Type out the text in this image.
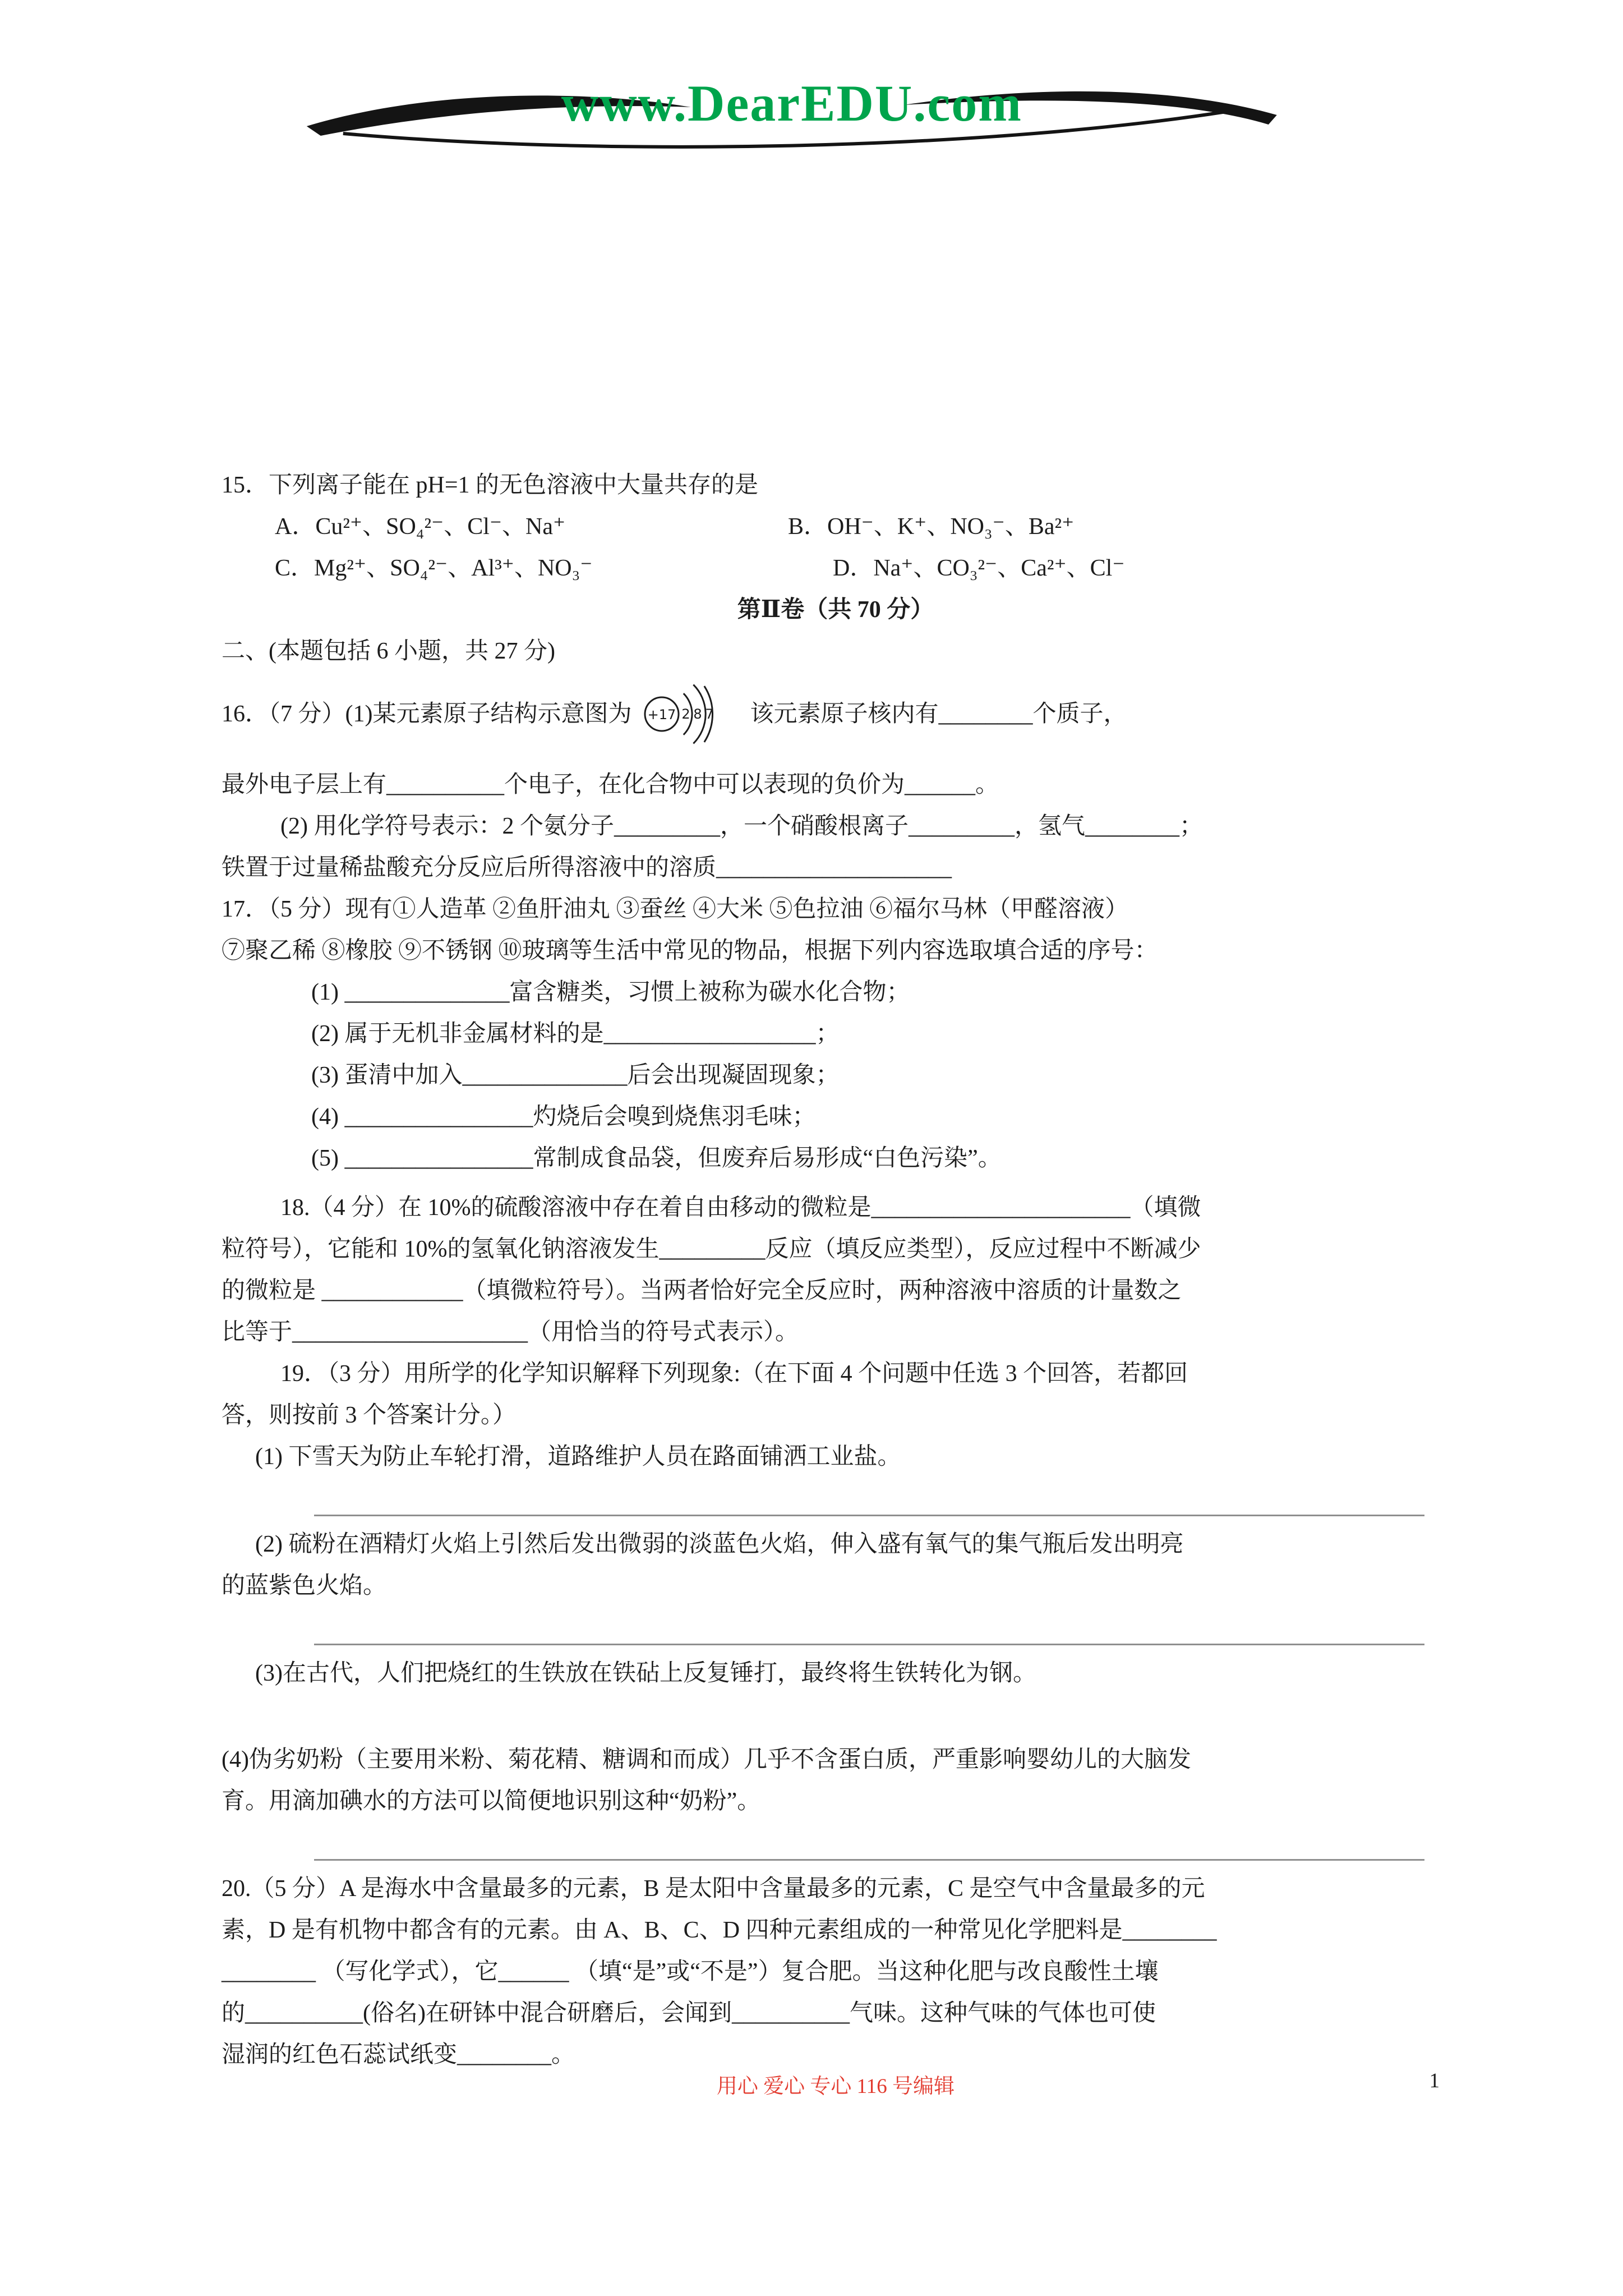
www.DearEDU.com
15．下列离子能在 pH=1 的无色溶液中大量共存的是
A．Cu²⁺、SO₄²⁻、Cl⁻、Na⁺	B．OH⁻、K⁺、NO₃⁻、Ba²⁺
C．Mg²⁺、SO₄²⁻、Al³⁺、NO₃⁻	D．Na⁺、CO₃²⁻、Ca²⁺、Cl⁻
第Ⅱ卷（共 70 分）
二、(本题包括 6 小题，共 27 分)
16．（7 分）(1)某元素原子结构示意图为 +17 2 8 7 该元素原子核内有________个质子，
最外电子层上有__________个电子，在化合物中可以表现的负价为______。
(2) 用化学符号表示：2 个氨分子_________，一个硝酸根离子_________，氢气________；
铁置于过量稀盐酸充分反应后所得溶液中的溶质____________________
17．（5 分）现有①人造革 ②鱼肝油丸 ③蚕丝 ④大米 ⑤色拉油 ⑥福尔马林（甲醛溶液）
⑦聚乙稀 ⑧橡胶 ⑨不锈钢 ⑩玻璃等生活中常见的物品，根据下列内容选取填合适的序号：
(1) ______________富含糖类，习惯上被称为碳水化合物；
(2) 属于无机非金属材料的是__________________；
(3) 蛋清中加入______________后会出现凝固现象；
(4) ________________灼烧后会嗅到烧焦羽毛味；
(5) ________________常制成食品袋，但废弃后易形成“白色污染”。
18.（4 分）在 10%的硫酸溶液中存在着自由移动的微粒是______________________（填微
粒符号），它能和 10%的氢氧化钠溶液发生_________反应（填反应类型），反应过程中不断减少
的微粒是 ____________（填微粒符号）。当两者恰好完全反应时，两种溶液中溶质的计量数之
比等于____________________（用恰当的符号式表示）。
19．（3 分）用所学的化学知识解释下列现象:（在下面 4 个问题中任选 3 个回答，若都回
答，则按前 3 个答案计分。）
(1) 下雪天为防止车轮打滑，道路维护人员在路面铺洒工业盐。
(2) 硫粉在酒精灯火焰上引然后发出微弱的淡蓝色火焰，伸入盛有氧气的集气瓶后发出明亮
的蓝紫色火焰。
(3)在古代，人们把烧红的生铁放在铁砧上反复锤打，最终将生铁转化为钢。
(4)伪劣奶粉（主要用米粉、菊花精、糖调和而成）几乎不含蛋白质，严重影响婴幼儿的大脑发
育。用滴加碘水的方法可以简便地识别这种“奶粉”。
20.（5 分）A 是海水中含量最多的元素，B 是太阳中含量最多的元素，C 是空气中含量最多的元
素，D 是有机物中都含有的元素。由 A、B、C、D 四种元素组成的一种常见化学肥料是________
________ （写化学式），它______ （填“是”或“不是”）复合肥。当这种化肥与改良酸性土壤
的__________(俗名)在研钵中混合研磨后，会闻到__________气味。这种气味的气体也可使
湿润的红色石蕊试纸变________。
用心 爱心 专心 116 号编辑	1
